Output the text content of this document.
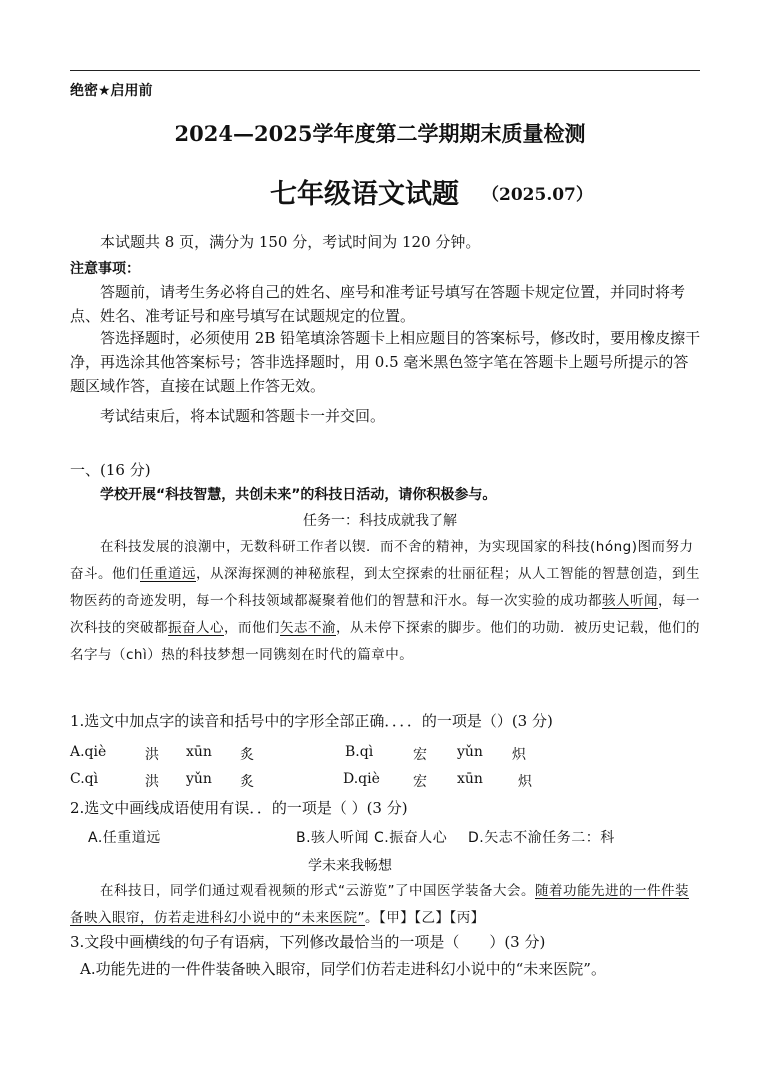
绝密★启用前
2024—2025学年度第二学期期末质量检测
七年级语文试题 （2025.07）
本试题共 8 页，满分为 150 分，考试时间为 120 分钟。
注意事项：
答题前，请考生务必将自己的姓名、座号和准考证号填写在答题卡规定位置，并同时将考点、姓名、准考证号和座号填写在试题规定的位置。
答选择题时，必须使用 2B 铅笔填涂答题卡上相应题目的答案标号，修改时，要用橡皮擦干净，再选涂其他答案标号；答非选择题时，用 0.5 毫米黑色签字笔在答题卡上题号所提示的答题区域作答，直接在试题上作答无效。
考试结束后，将本试题和答题卡一并交回。
一、(16 分)
学校开展“科技智慧，共创未来”的科技日活动，请你积极参与。
任务一：科技成就我了解
在科技发展的浪潮中，无数科研工作者以锲．而不舍的精神，为实现国家的科技(hóng)图而努力奋斗。他们任重道远，从深海探测的神秘旅程，到太空探索的壮丽征程；从人工智能的智慧创造，到生物医药的奇迹发明，每一个科技领域都凝聚着他们的智慧和汗水。每一次实验的成功都骇人听闻，每一次科技的突破都振奋人心，而他们矢志不渝，从未停下探索的脚步。他们的功勋．被历史记载，他们的名字与（chì）热的科技梦想一同镌刻在时代的篇章中。
1.选文中加点字的读音和括号中的字形全部正确．．．．的一项是（）(3 分)
A.qiè	洪 xūn 炙	B.qì	宏 yǔn 炽
C.qì	洪 yǔn 炙	D.qiè 宏 xūn	炽
2.选文中画线成语使用有误．．的一项是（ ）(3 分)
A.任重道远	B.骇人听闻 C.振奋人心 D.矢志不渝任务二：科
学未来我畅想
在科技日，同学们通过观看视频的形式“云游览”了中国医学装备大会。随着功能先进的一件件装备映入眼帘，仿若走进科幻小说中的“未来医院”。【甲】【乙】【丙】
3.文段中画横线的句子有语病，下列修改最恰当的一项是（　　）(3 分)
A.功能先进的一件件装备映入眼帘，同学们仿若走进科幻小说中的“未来医院”。
